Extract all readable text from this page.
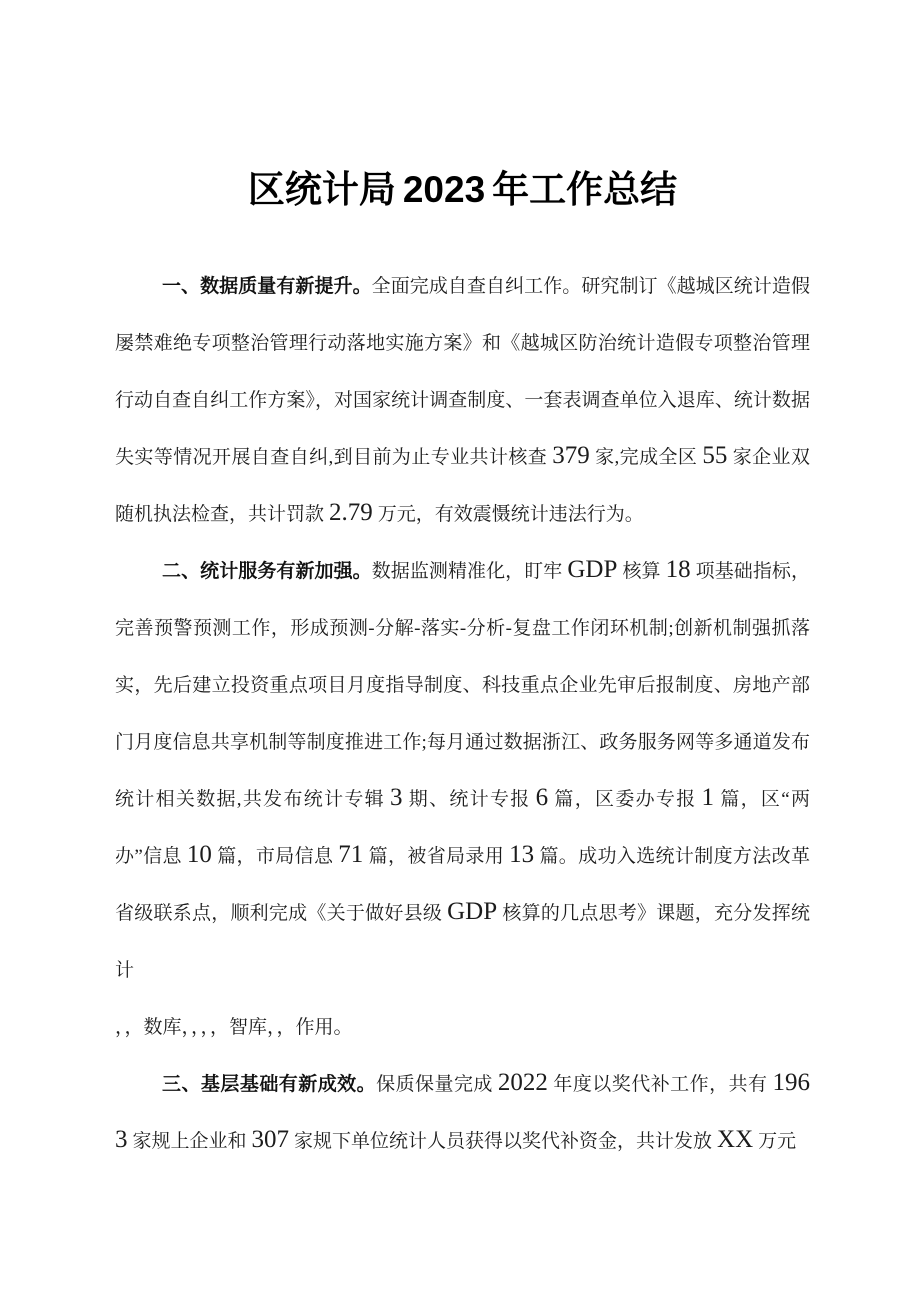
区统计局 2023 年工作总结

一、数据质量有新提升。全面完成自查自纠工作。研究制订《越城区统计造假屡禁难绝专项整治管理行动落地实施方案》和《越城区防治统计造假专项整治管理行动自查自纠工作方案》，对国家统计调查制度、一套表调查单位入退库、统计数据失实等情况开展自查自纠,到目前为止专业共计核查 379 家,完成全区 55 家企业双随机执法检查，共计罚款 2.79 万元，有效震慑统计违法行为。

二、统计服务有新加强。数据监测精准化，盯牢 GDP 核算 18 项基础指标，完善预警预测工作，形成预测-分解-落实-分析-复盘工作闭环机制;创新机制强抓落实，先后建立投资重点项目月度指导制度、科技重点企业先审后报制度、房地产部门月度信息共享机制等制度推进工作;每月通过数据浙江、政务服务网等多通道发布统计相关数据,共发布统计专辑 3 期、统计专报 6 篇，区委办专报 1 篇，区“两办”信息 10 篇，市局信息 71 篇，被省局录用 13 篇。成功入选统计制度方法改革省级联系点，顺利完成《关于做好县级 GDP 核算的几点思考》课题，充分发挥统计
，，数库，，，，智库，，作用。

三、基层基础有新成效。保质保量完成 2022 年度以奖代补工作，共有 1963 家规上企业和 307 家规下单位统计人员获得以奖代补资金，共计发放 XX 万元
